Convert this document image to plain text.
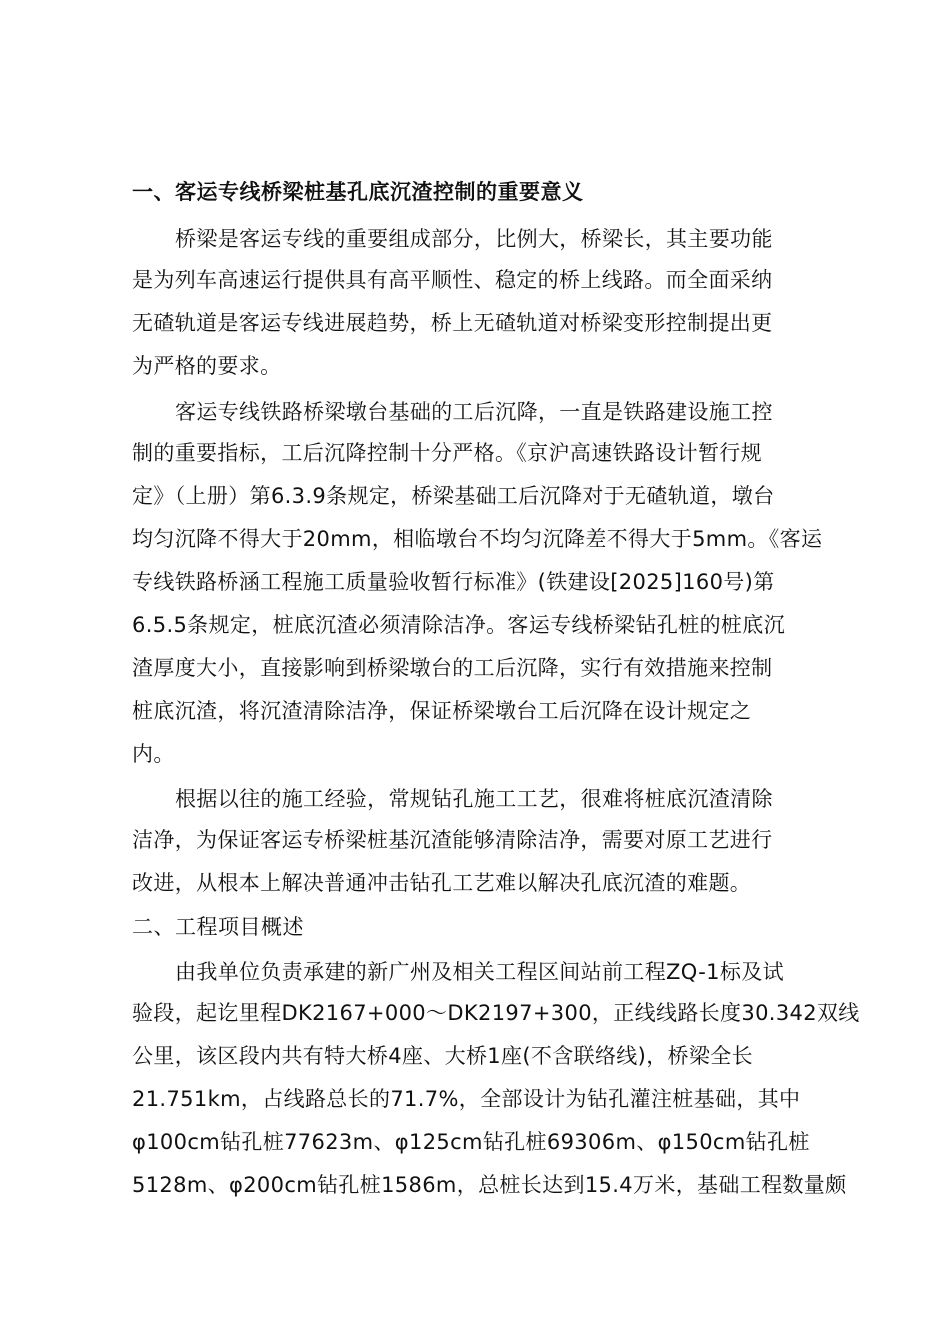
一、客运专线桥梁桩基孔底沉渣控制的重要意义
桥梁是客运专线的重要组成部分，比例大，桥梁长，其主要功能
是为列车高速运行提供具有高平顺性、稳定的桥上线路。而全面采纳
无碴轨道是客运专线进展趋势，桥上无碴轨道对桥梁变形控制提出更
为严格的要求。
客运专线铁路桥梁墩台基础的工后沉降，一直是铁路建设施工控
制的重要指标，工后沉降控制十分严格。《京沪高速铁路设计暂行规
定》（上册）第6.3.9条规定，桥梁基础工后沉降对于无碴轨道，墩台
均匀沉降不得大于20mm，相临墩台不均匀沉降差不得大于5mm。《客运
专线铁路桥涵工程施工质量验收暂行标准》(铁建设[2025]160号)第
6.5.5条规定，桩底沉渣必须清除洁净。客运专线桥梁钻孔桩的桩底沉
渣厚度大小，直接影响到桥梁墩台的工后沉降，实行有效措施来控制
桩底沉渣，将沉渣清除洁净，保证桥梁墩台工后沉降在设计规定之
内。
根据以往的施工经验，常规钻孔施工工艺，很难将桩底沉渣清除
洁净，为保证客运专桥梁桩基沉渣能够清除洁净，需要对原工艺进行
改进，从根本上解决普通冲击钻孔工艺难以解决孔底沉渣的难题。
二、工程项目概述
由我单位负责承建的新广州及相关工程区间站前工程ZQ-1标及试
验段，起讫里程DK2167+000～DK2197+300，正线线路长度30.342双线
公里，该区段内共有特大桥4座、大桥1座(不含联络线)，桥梁全长
21.751km，占线路总长的71.7%，全部设计为钻孔灌注桩基础，其中
φ100cm钻孔桩77623m、φ125cm钻孔桩69306m、φ150cm钻孔桩
5128m、φ200cm钻孔桩1586m，总桩长达到15.4万米，基础工程数量颇
